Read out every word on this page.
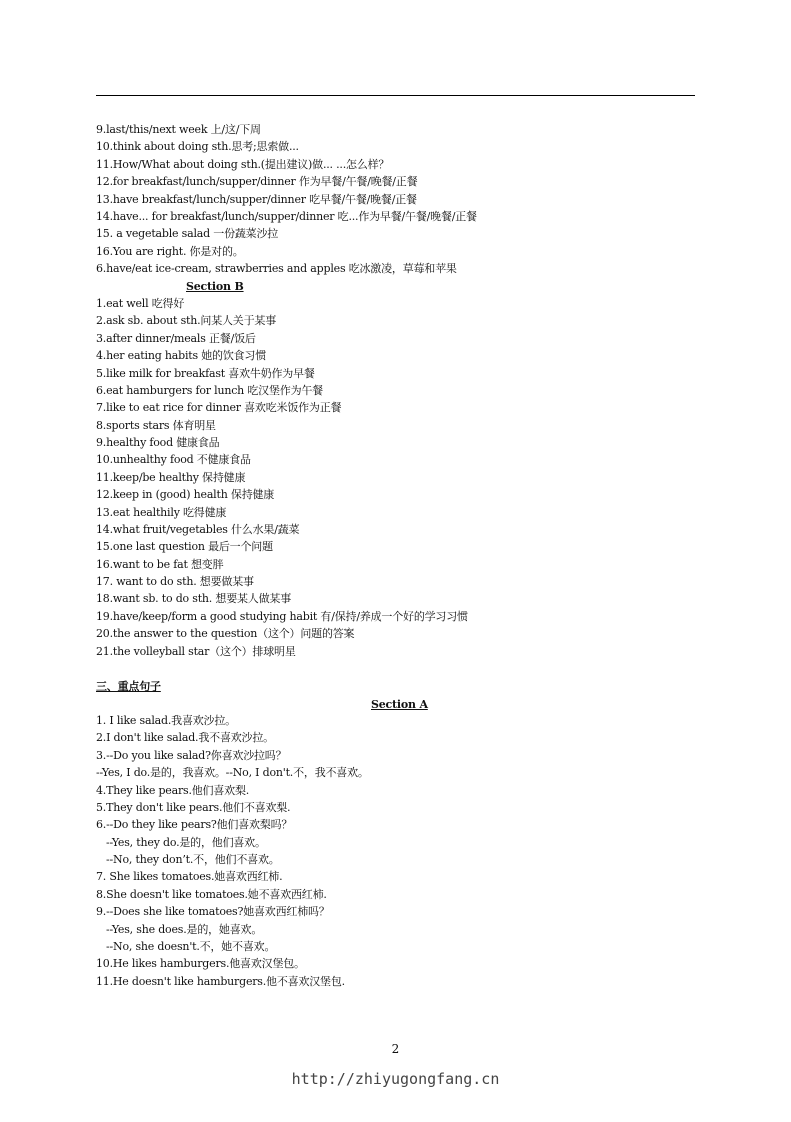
9.last/this/next week 上/这/下周
10.think about doing sth.思考;思索做...
11.How/What about doing sth.(提出建议)做... ...怎么样？
12.for breakfast/lunch/supper/dinner 作为早餐/午餐/晚餐/正餐
13.have breakfast/lunch/supper/dinner 吃早餐/午餐/晚餐/正餐
14.have... for breakfast/lunch/supper/dinner 吃...作为早餐/午餐/晚餐/正餐
15. a vegetable salad 一份蔬菜沙拉
16.You are right. 你是对的。
6.have/eat ice-cream, strawberries and apples 吃冰激凌，草莓和苹果
Section B
1.eat well 吃得好
2.ask sb. about sth.问某人关于某事
3.after dinner/meals 正餐/饭后
4.her eating habits 她的饮食习惯
5.like milk for breakfast 喜欢牛奶作为早餐
6.eat hamburgers for lunch 吃汉堡作为午餐
7.like to eat rice for dinner 喜欢吃米饭作为正餐
8.sports stars 体育明星
9.healthy food 健康食品
10.unhealthy food 不健康食品
11.keep/be healthy 保持健康
12.keep in (good) health 保持健康
13.eat healthily 吃得健康
14.what fruit/vegetables 什么水果/蔬菜
15.one last question 最后一个问题
16.want to be fat 想变胖
17. want to do sth. 想要做某事
18.want sb. to do sth. 想要某人做某事
19.have/keep/form a good studying habit 有/保持/养成一个好的学习习惯
20.the answer to the question（这个）问题的答案
21.the volleyball star（这个）排球明星
三、重点句子
Section A
1. I like salad.我喜欢沙拉。
2.I don't like salad.我不喜欢沙拉。
3.--Do you like salad?你喜欢沙拉吗？
--Yes, I do.是的，我喜欢。--No, I don't.不，我不喜欢。
4.They like pears.他们喜欢梨.
5.They don't like pears.他们不喜欢梨.
6.--Do they like pears?他们喜欢梨吗？
--Yes, they do.是的，他们喜欢。
--No, they don’t.不，他们不喜欢。
7. She likes tomatoes.她喜欢西红柿.
8.She doesn't like tomatoes.她不喜欢西红柿.
9.--Does she like tomatoes?她喜欢西红柿吗？
--Yes, she does.是的，她喜欢。
--No, she doesn't.不，她不喜欢。
10.He likes hamburgers.他喜欢汉堡包。
11.He doesn't like hamburgers.他不喜欢汉堡包.
2
http://zhiyugongfang.cn
